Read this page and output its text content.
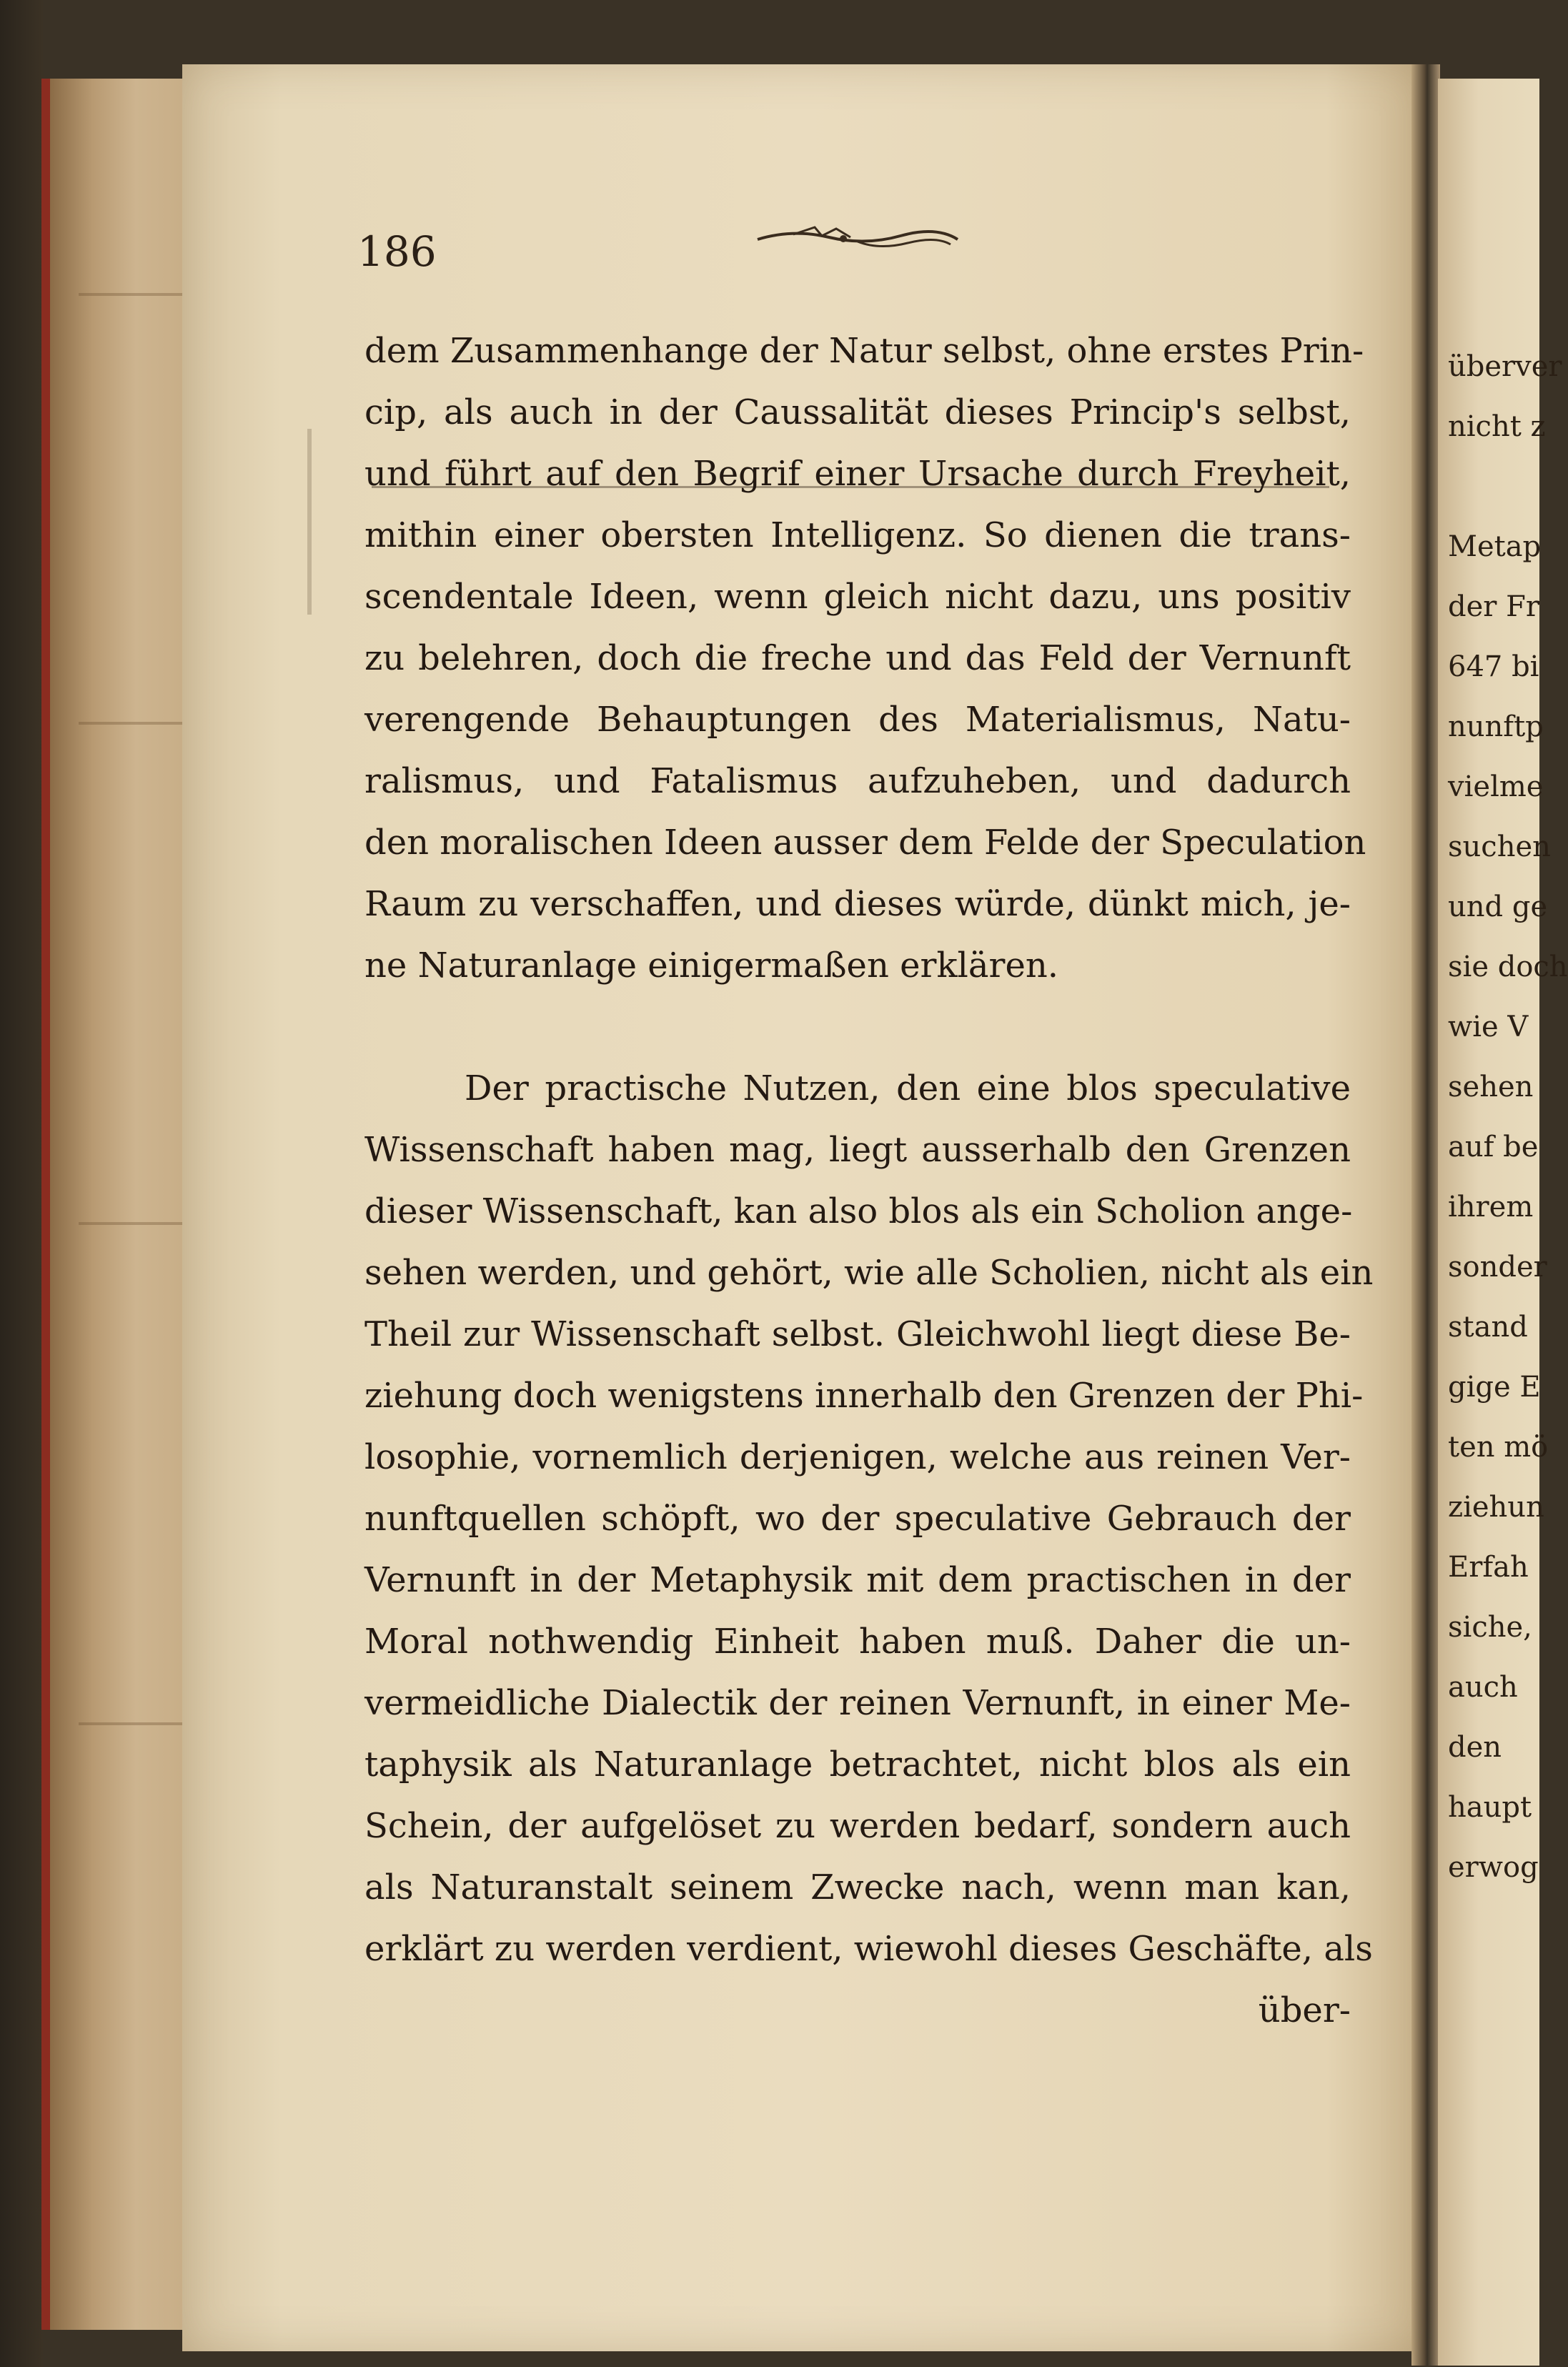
überver
nicht z
Metap
der Fr
647 bi
nunftp
vielme
suchen
und ge
sie doch
wie V
sehen
auf be
ihrem
sonder
stand
gige E
ten mö
ziehun
Erfah
siche,
auch
den
haupt
erwog
186
dem Zusammenhange der Natur selbst, ohne erstes Prin-
cip, als auch in der Caussalität dieses Princip's selbst,
und führt auf den Begrif einer Ursache durch Freyheit,
mithin einer obersten Intelligenz. So dienen die trans-
scendentale Ideen, wenn gleich nicht dazu, uns positiv
zu belehren, doch die freche und das Feld der Vernunft
verengende Behauptungen des Materialismus, Natu-
ralismus, und Fatalismus aufzuheben, und dadurch
den moralischen Ideen ausser dem Felde der Speculation
Raum zu verschaffen, und dieses würde, dünkt mich, je-
ne Naturanlage einigermaßen erklären.
Der practische Nutzen, den eine blos speculative
Wissenschaft haben mag, liegt ausserhalb den Grenzen
dieser Wissenschaft, kan also blos als ein Scholion ange-
sehen werden, und gehört, wie alle Scholien, nicht als ein
Theil zur Wissenschaft selbst. Gleichwohl liegt diese Be-
ziehung doch wenigstens innerhalb den Grenzen der Phi-
losophie, vornemlich derjenigen, welche aus reinen Ver-
nunftquellen schöpft, wo der speculative Gebrauch der
Vernunft in der Metaphysik mit dem practischen in der
Moral nothwendig Einheit haben muß. Daher die un-
vermeidliche Dialectik der reinen Vernunft, in einer Me-
taphysik als Naturanlage betrachtet, nicht blos als ein
Schein, der aufgelöset zu werden bedarf, sondern auch
als Naturanstalt seinem Zwecke nach, wenn man kan,
erklärt zu werden verdient, wiewohl dieses Geschäfte, als
über-
